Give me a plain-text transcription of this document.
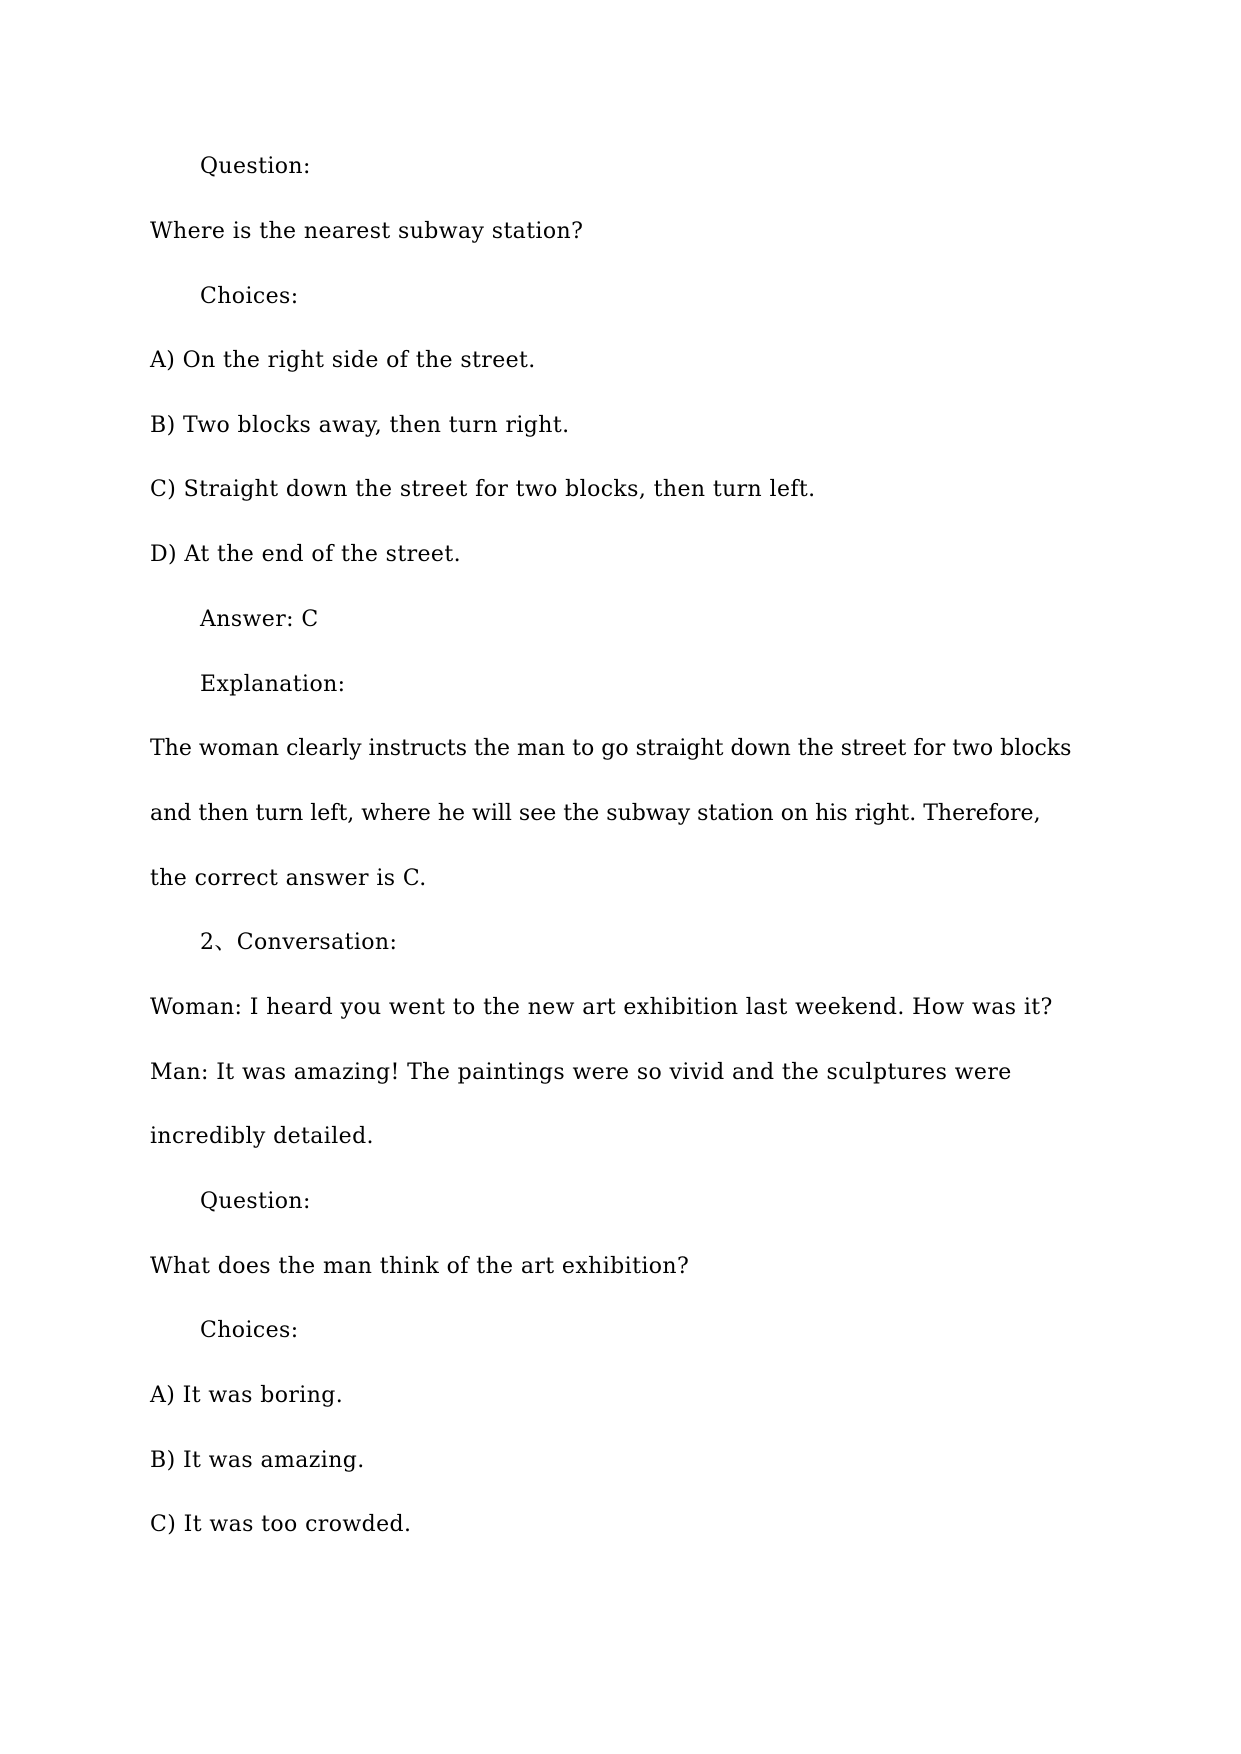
Question:
Where is the nearest subway station?
Choices:
A) On the right side of the street.
B) Two blocks away, then turn right.
C) Straight down the street for two blocks, then turn left.
D) At the end of the street.
Answer: C
Explanation:
The woman clearly instructs the man to go straight down the street for two blocks
and then turn left, where he will see the subway station on his right. Therefore,
the correct answer is C.
2、Conversation:
Woman: I heard you went to the new art exhibition last weekend. How was it?
Man: It was amazing! The paintings were so vivid and the sculptures were
incredibly detailed.
Question:
What does the man think of the art exhibition?
Choices:
A) It was boring.
B) It was amazing.
C) It was too crowded.
